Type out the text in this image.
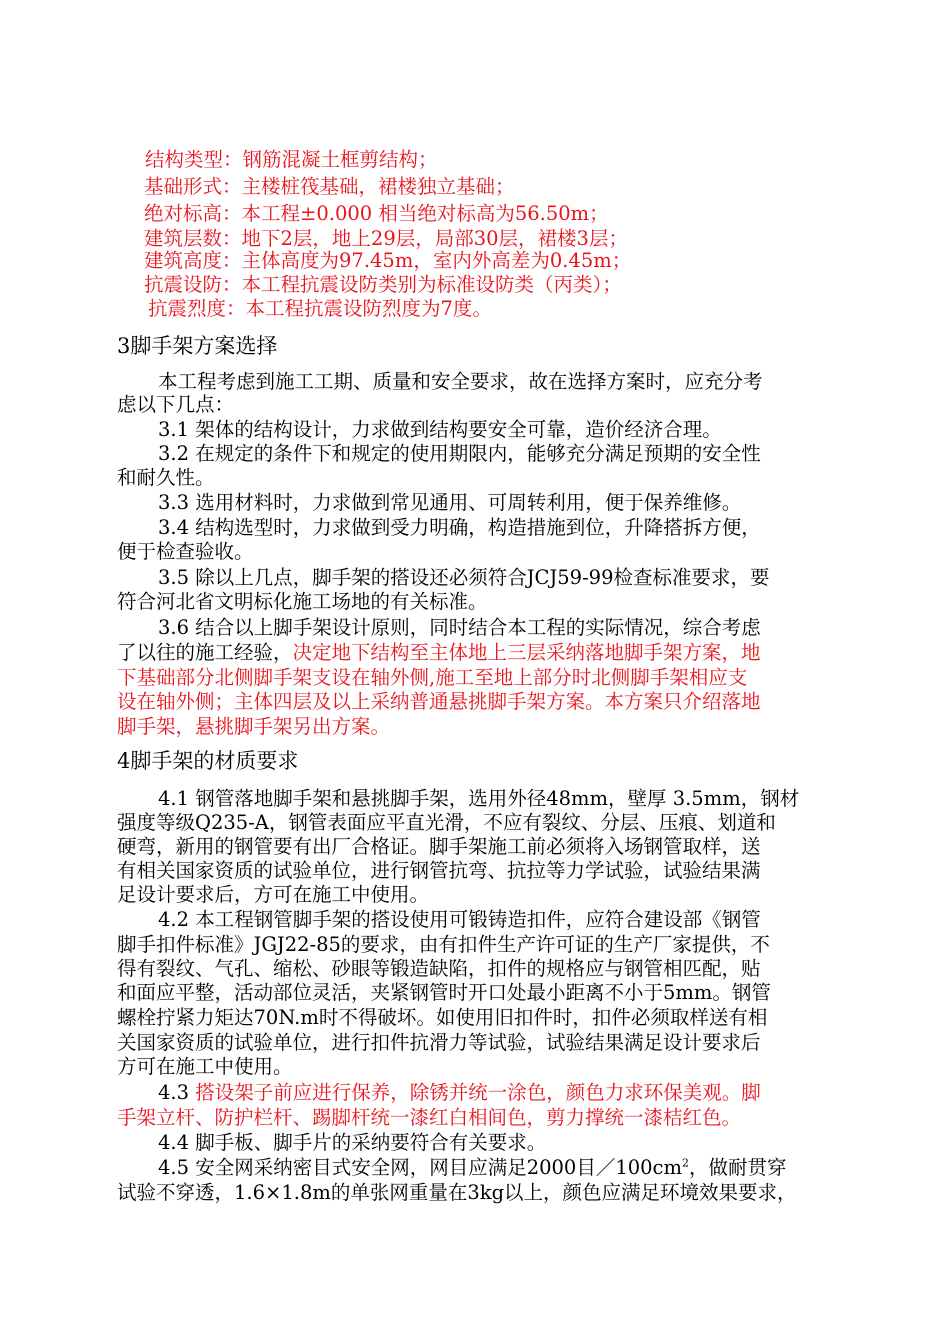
结构类型：钢筋混凝土框剪结构；
基础形式：主楼桩筏基础，裙楼独立基础；
绝对标高：本工程±0.000 相当绝对标高为56.50m；
建筑层数：地下2层，地上29层，局部30层，裙楼3层；
建筑高度：主体高度为97.45m，室内外高差为0.45m；
抗震设防：本工程抗震设防类别为标准设防类（丙类）；
抗震烈度：本工程抗震设防烈度为7度。
3脚手架方案选择
本工程考虑到施工工期、质量和安全要求，故在选择方案时，应充分考
虑以下几点：
3.1 架体的结构设计，力求做到结构要安全可靠，造价经济合理。
3.2 在规定的条件下和规定的使用期限内，能够充分满足预期的安全性
和耐久性。
3.3 选用材料时，力求做到常见通用、可周转利用，便于保养维修。
3.4 结构选型时，力求做到受力明确，构造措施到位，升降搭拆方便，
便于检查验收。
3.5 除以上几点，脚手架的搭设还必须符合JCJ59-99检查标准要求，要
符合河北省文明标化施工场地的有关标准。
3.6 结合以上脚手架设计原则，同时结合本工程的实际情况，综合考虑
了以往的施工经验，决定地下结构至主体地上三层采纳落地脚手架方案，地
下基础部分北侧脚手架支设在轴外侧,施工至地上部分时北侧脚手架相应支
设在轴外侧；主体四层及以上采纳普通悬挑脚手架方案。本方案只介绍落地
脚手架，悬挑脚手架另出方案。
4脚手架的材质要求
4.1 钢管落地脚手架和悬挑脚手架，选用外径48mm，壁厚 3.5mm，钢材
强度等级Q235-A，钢管表面应平直光滑，不应有裂纹、分层、压痕、划道和
硬弯，新用的钢管要有出厂合格证。脚手架施工前必须将入场钢管取样，送
有相关国家资质的试验单位，进行钢管抗弯、抗拉等力学试验，试验结果满
足设计要求后，方可在施工中使用。
4.2 本工程钢管脚手架的搭设使用可锻铸造扣件，应符合建设部《钢管
脚手扣件标准》JGJ22-85的要求，由有扣件生产许可证的生产厂家提供，不
得有裂纹、气孔、缩松、砂眼等锻造缺陷，扣件的规格应与钢管相匹配，贴
和面应平整，活动部位灵活，夹紧钢管时开口处最小距离不小于5mm。钢管
螺栓拧紧力矩达70N.m时不得破坏。如使用旧扣件时，扣件必须取样送有相
关国家资质的试验单位，进行扣件抗滑力等试验，试验结果满足设计要求后
方可在施工中使用。
4.3 搭设架子前应进行保养，除锈并统一涂色，颜色力求环保美观。脚
手架立杆、防护栏杆、踢脚杆统一漆红白相间色，剪力撑统一漆桔红色。
4.4 脚手板、脚手片的采纳要符合有关要求。
4.5 安全网采纳密目式安全网，网目应满足2000目$/100cm^2$，做耐贯穿
试验不穿透，1.6×1.8m的单张网重量在3kg以上，颜色应满足环境效果要求，
